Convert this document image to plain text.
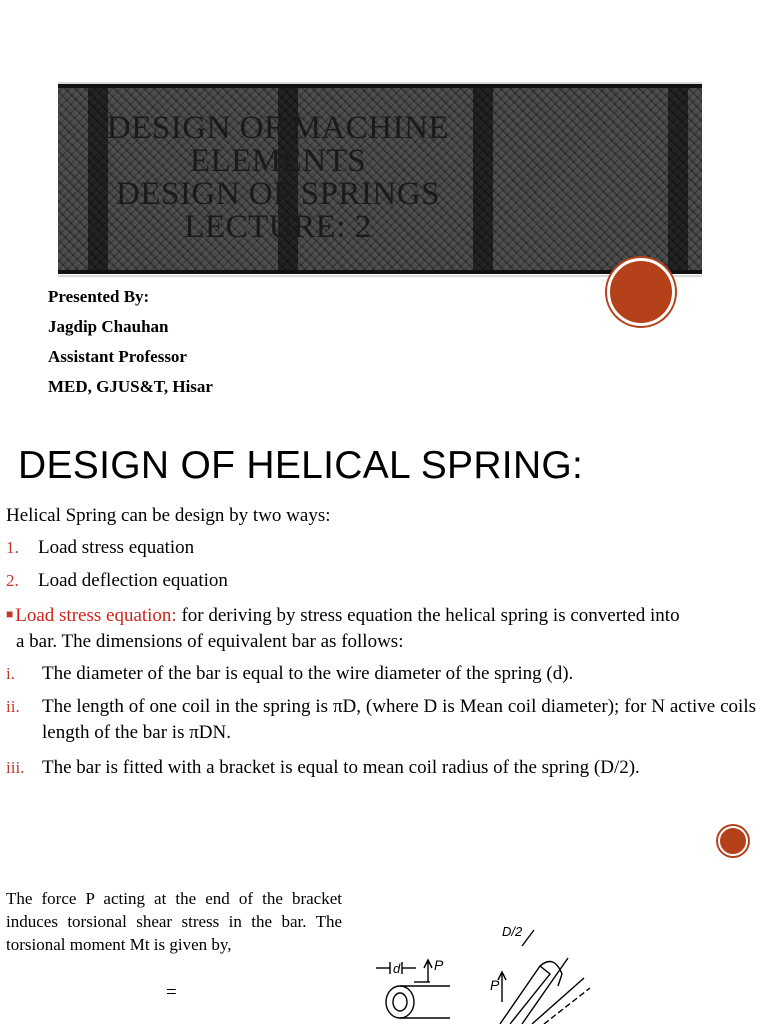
DESIGN OF MACHINE
ELEMENTS
DESIGN OF SPRINGS
LECTURE: 2
Presented By:
Jagdip Chauhan
Assistant Professor
MED, GJUS&T, Hisar
DESIGN OF HELICAL SPRING:
Helical Spring can be design by two ways:
1. Load stress equation
2. Load deflection equation
■ Load stress equation: for deriving by stress equation the helical spring is converted into
a bar. The dimensions of equivalent bar as follows:
i. The diameter of the bar is equal to the wire diameter of the spring (d).
ii. The length of one coil in the spring is πD, (where D is Mean coil diameter); for N active coils length of the bar is πDN.
iii. The bar is fitted with a bracket is equal to mean coil radius of the spring (D/2).
The force P acting at the end of the bracket induces torsional shear stress in the bar. The torsional moment Mt is given by,
=
d P
P
D/2
